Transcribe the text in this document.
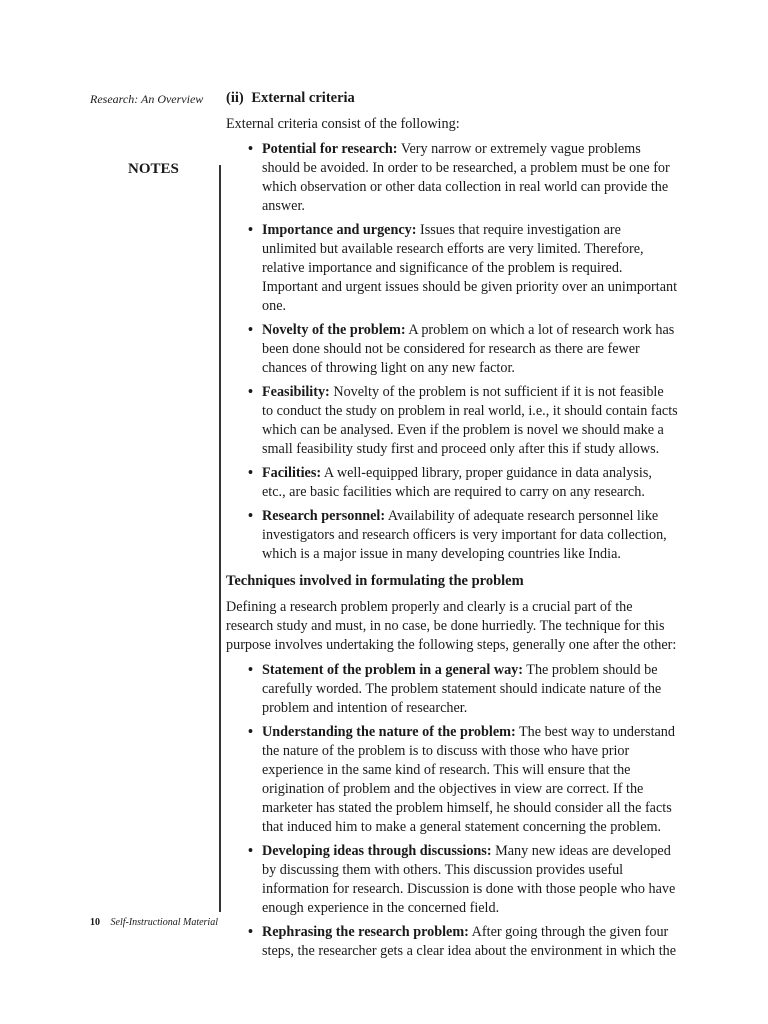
Research: An Overview
NOTES
(ii) External criteria

External criteria consist of the following:

• Potential for research: Very narrow or extremely vague problems should be avoided. In order to be researched, a problem must be one for which observation or other data collection in real world can provide the answer.
• Importance and urgency: Issues that require investigation are unlimited but available research efforts are very limited. Therefore, relative importance and significance of the problem is required. Important and urgent issues should be given priority over an unimportant one.
• Novelty of the problem: A problem on which a lot of research work has been done should not be considered for research as there are fewer chances of throwing light on any new factor.
• Feasibility: Novelty of the problem is not sufficient if it is not feasible to conduct the study on problem in real world, i.e., it should contain facts which can be analysed. Even if the problem is novel we should make a small feasibility study first and proceed only after this if study allows.
• Facilities: A well-equipped library, proper guidance in data analysis, etc., are basic facilities which are required to carry on any research.
• Research personnel: Availability of adequate research personnel like investigators and research officers is very important for data collection, which is a major issue in many developing countries like India.
Techniques involved in formulating the problem

Defining a research problem properly and clearly is a crucial part of the research study and must, in no case, be done hurriedly. The technique for this purpose involves undertaking the following steps, generally one after the other:

• Statement of the problem in a general way: The problem should be carefully worded. The problem statement should indicate nature of the problem and intention of researcher.
• Understanding the nature of the problem: The best way to understand the nature of the problem is to discuss with those who have prior experience in the same kind of research. This will ensure that the origination of problem and the objectives in view are correct. If the marketer has stated the problem himself, he should consider all the facts that induced him to make a general statement concerning the problem.
• Developing ideas through discussions: Many new ideas are developed by discussing them with others. This discussion provides useful information for research. Discussion is done with those people who have enough experience in the concerned field.
• Rephrasing the research problem: After going through the given four steps, the researcher gets a clear idea about the environment in which the
10 Self-Instructional Material
